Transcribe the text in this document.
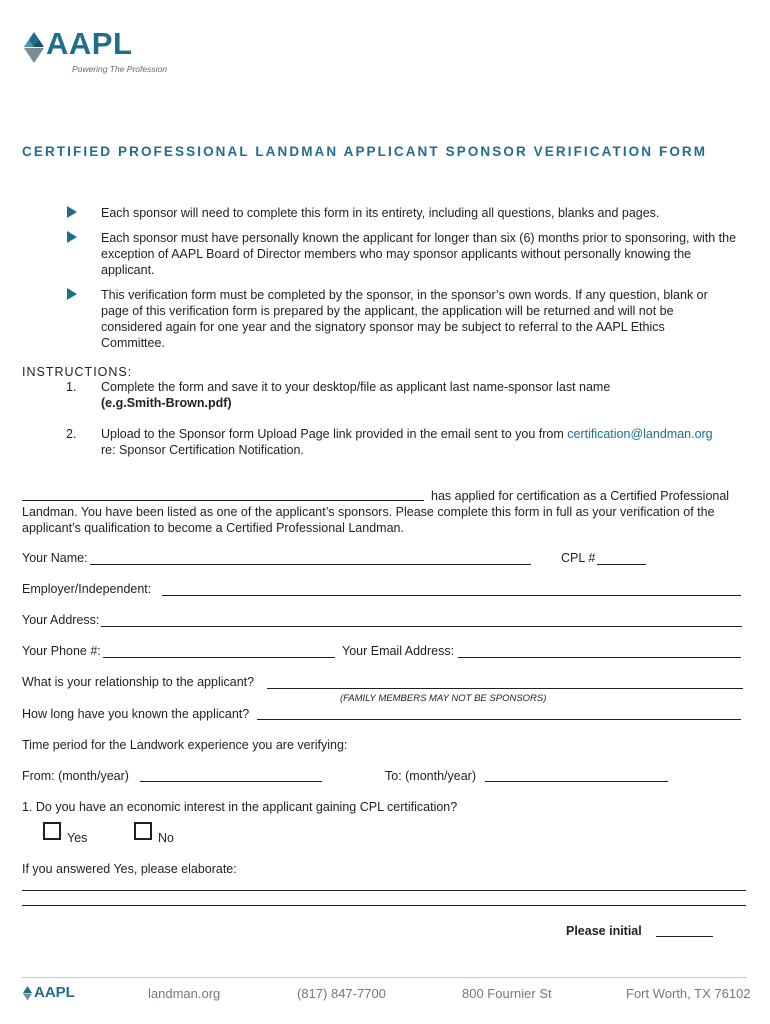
AAPL
Powering The Profession
CERTIFIED PROFESSIONAL LANDMAN APPLICANT SPONSOR VERIFICATION FORM
Each sponsor will need to complete this form in its entirety, including all questions, blanks and pages.
Each sponsor must have personally known the applicant for longer than six (6) months prior to sponsoring, with the exception of AAPL Board of Director members who may sponsor applicants without personally knowing the applicant.
This verification form must be completed by the sponsor, in the sponsor’s own words. If any question, blank or page of this verification form is prepared by the applicant, the application will be returned and will not be considered again for one year and the signatory sponsor may be subject to referral to the AAPL Ethics Committee.
INSTRUCTIONS:
1. Complete the form and save it to your desktop/file as applicant last name-sponsor last name
(e.g.Smith-Brown.pdf)
2. Upload to the Sponsor form Upload Page link provided in the email sent to you from certification@landman.org
re: Sponsor Certification Notification.
has applied for certification as a Certified Professional
Landman. You have been listed as one of the applicant’s sponsors. Please complete this form in full as your verification of the
applicant’s qualification to become a Certified Professional Landman.
Your Name:	CPL #
Employer/Independent:
Your Address:
Your Phone #:	Your Email Address:
What is your relationship to the applicant?
(FAMILY MEMBERS MAY NOT BE SPONSORS)
How long have you known the applicant?
Time period for the Landwork experience you are verifying:
From: (month/year)	To: (month/year)
1. Do you have an economic interest in the applicant gaining CPL certification?
Yes	No
If you answered Yes, please elaborate:
Please initial
AAPL	landman.org	(817) 847-7700	800 Fournier St	Fort Worth, TX 76102
